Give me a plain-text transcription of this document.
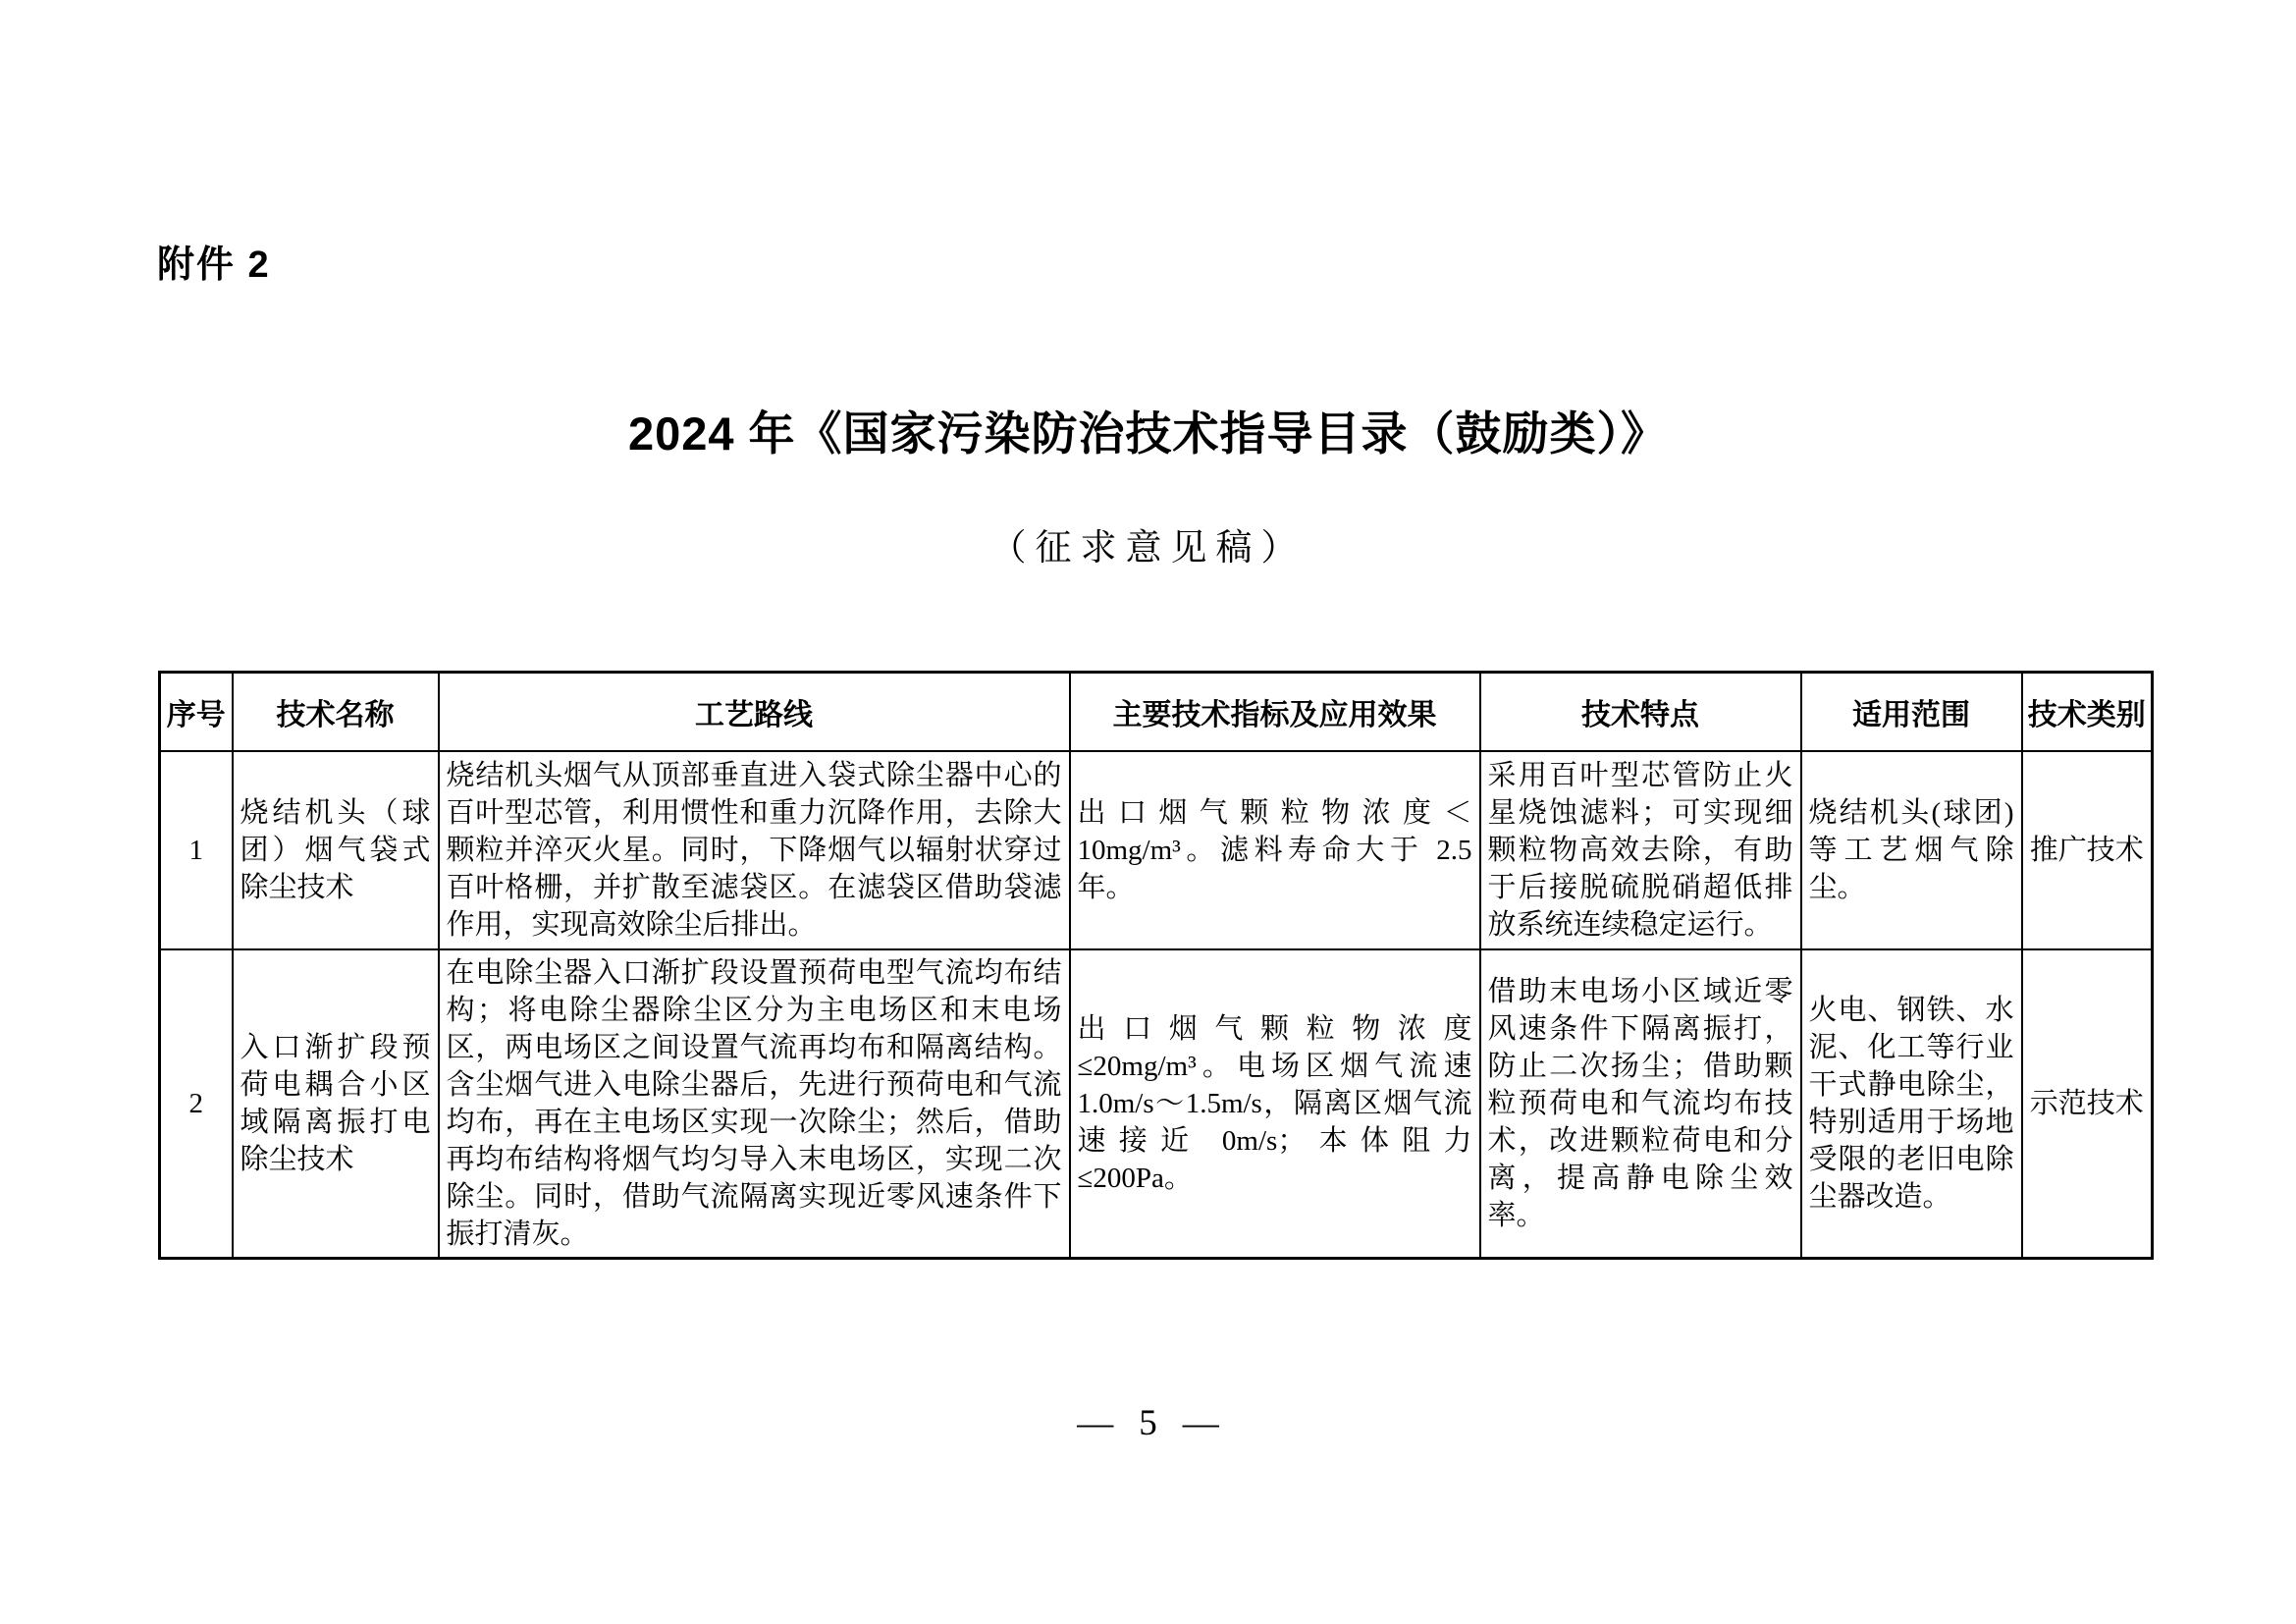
附件 2
2024 年《国家污染防治技术指导目录（鼓励类）》
（征求意见稿）
序号	技术名称	工艺路线	主要技术指标及应用效果	技术特点	适用范围	技术类别
1	烧结机头（球团）烟气袋式除尘技术	烧结机头烟气从顶部垂直进入袋式除尘器中心的百叶型芯管，利用惯性和重力沉降作用，去除大颗粒并淬灭火星。同时，下降烟气以辐射状穿过百叶格栅，并扩散至滤袋区。在滤袋区借助袋滤作用，实现高效除尘后排出。	出口烟气颗粒物浓度＜10mg/m³。滤料寿命大于 2.5 年。	采用百叶型芯管防止火星烧蚀滤料；可实现细颗粒物高效去除，有助于后接脱硫脱硝超低排放系统连续稳定运行。	烧结机头(球团)等工艺烟气除尘。	推广技术
2	入口渐扩段预荷电耦合小区域隔离振打电除尘技术	在电除尘器入口渐扩段设置预荷电型气流均布结构；将电除尘器除尘区分为主电场区和末电场区，两电场区之间设置气流再均布和隔离结构。含尘烟气进入电除尘器后，先进行预荷电和气流均布，再在主电场区实现一次除尘；然后，借助再均布结构将烟气均匀导入末电场区，实现二次除尘。同时，借助气流隔离实现近零风速条件下振打清灰。	出口烟气颗粒物浓度≤20mg/m³。电场区烟气流速 1.0m/s～1.5m/s，隔离区烟气流速接近 0m/s；本体阻力≤200Pa。	借助末电场小区域近零风速条件下隔离振打，防止二次扬尘；借助颗粒预荷电和气流均布技术，改进颗粒荷电和分离，提高静电除尘效率。	火电、钢铁、水泥、化工等行业干式静电除尘，特别适用于场地受限的老旧电除尘器改造。	示范技术
— 5 —
